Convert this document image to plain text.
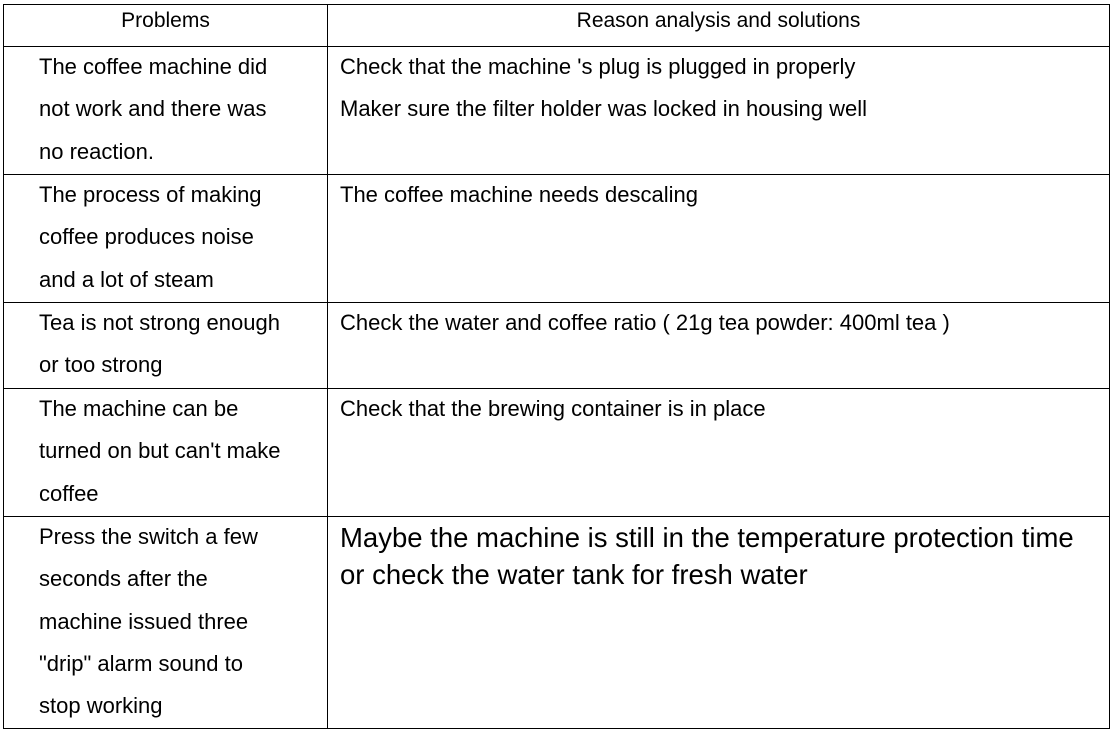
Problems	Reason analysis and solutions

The coffee machine did
not work and there was
no reaction.	Check that the machine 's plug is plugged in properly
Maker sure the filter holder was locked in housing well

The process of making
coffee produces noise
and a lot of steam	The coffee machine needs descaling

Tea is not strong enough
or too strong	Check the water and coffee ratio ( 21g tea powder: 400ml tea )

The machine can be
turned on but can't make
coffee	Check that the brewing container is in place

Press the switch a few
seconds after the
machine issued three
"drip" alarm sound to
stop working	Maybe the machine is still in the temperature protection time
or check the water tank for fresh water
